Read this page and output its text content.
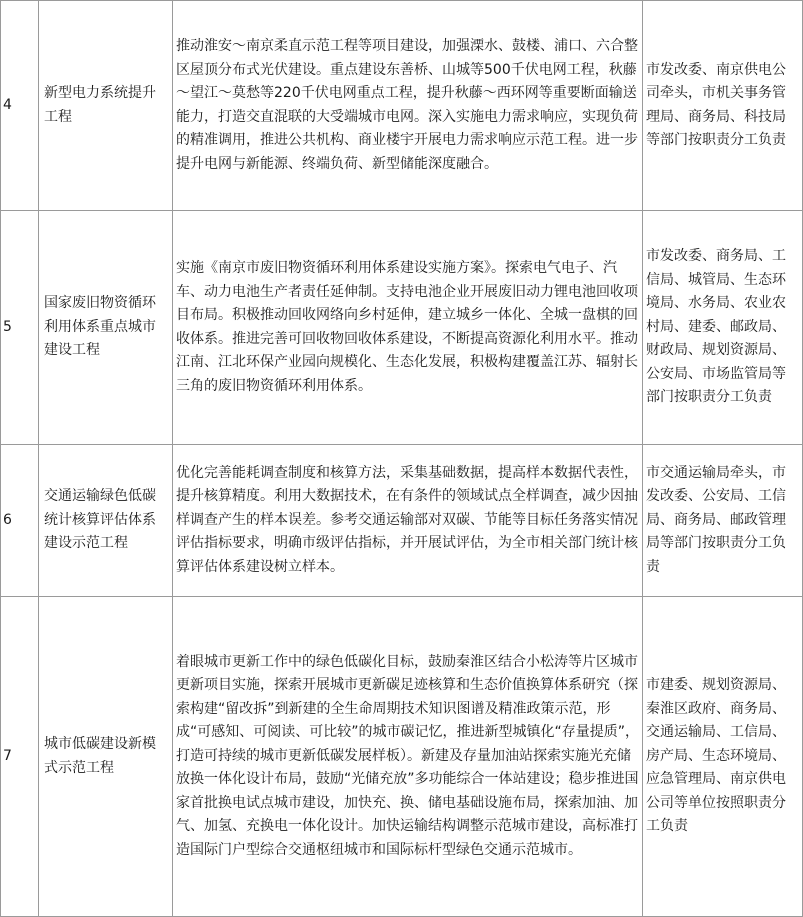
4	新型电力系统提升工程	推动淮安～南京柔直示范工程等项目建设，加强溧水、鼓楼、浦口、六合整区屋顶分布式光伏建设。重点建设东善桥、山城等500千伏电网工程，秋藤～望江～莫愁等220千伏电网重点工程，提升秋藤～西环网等重要断面输送能力，打造交直混联的大受端城市电网。深入实施电力需求响应，实现负荷的精准调用，推进公共机构、商业楼宇开展电力需求响应示范工程。进一步提升电网与新能源、终端负荷、新型储能深度融合。	市发改委、南京供电公司牵头，市机关事务管理局、商务局、科技局等部门按职责分工负责
5	国家废旧物资循环利用体系重点城市建设工程	实施《南京市废旧物资循环利用体系建设实施方案》。探索电气电子、汽车、动力电池生产者责任延伸制。支持电池企业开展废旧动力锂电池回收项目布局。积极推动回收网络向乡村延伸，建立城乡一体化、全城一盘棋的回收体系。推进完善可回收物回收体系建设，不断提高资源化利用水平。推动江南、江北环保产业园向规模化、生态化发展，积极构建覆盖江苏、辐射长三角的废旧物资循环利用体系。	市发改委、商务局、工信局、城管局、生态环境局、水务局、农业农村局、建委、邮政局、财政局、规划资源局、公安局、市场监管局等部门按职责分工负责
6	交通运输绿色低碳统计核算评估体系建设示范工程	优化完善能耗调查制度和核算方法，采集基础数据，提高样本数据代表性，提升核算精度。利用大数据技术，在有条件的领域试点全样调查，减少因抽样调查产生的样本误差。参考交通运输部对双碳、节能等目标任务落实情况评估指标要求，明确市级评估指标，并开展试评估，为全市相关部门统计核算评估体系建设树立样本。	市交通运输局牵头，市发改委、公安局、工信局、商务局、邮政管理局等部门按职责分工负责
7	城市低碳建设新模式示范工程	着眼城市更新工作中的绿色低碳化目标，鼓励秦淮区结合小松涛等片区城市更新项目实施，探索开展城市更新碳足迹核算和生态价值换算体系研究（探索构建“留改拆”到新建的全生命周期技术知识图谱及精准政策示范，形成“可感知、可阅读、可比较”的城市碳记忆，推进新型城镇化“存量提质”，打造可持续的城市更新低碳发展样板）。新建及存量加油站探索实施光充储放换一体化设计布局，鼓励“光储充放”多功能综合一体站建设；稳步推进国家首批换电试点城市建设，加快充、换、储电基础设施布局，探索加油、加气、加氢、充换电一体化设计。加快运输结构调整示范城市建设，高标准打造国际门户型综合交通枢纽城市和国际标杆型绿色交通示范城市。	市建委、规划资源局、秦淮区政府、商务局、交通运输局、工信局、房产局、生态环境局、应急管理局、南京供电公司等单位按照职责分工负责
